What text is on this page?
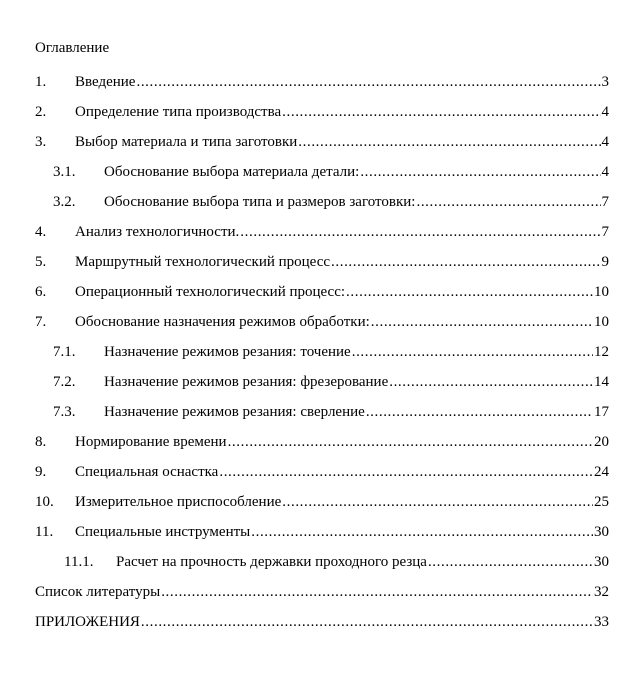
Оглавление
1.	Введение .....	3
2.	Определение типа производства .....	4
3.	Выбор материала и типа заготовки .....	4
3.1.	Обоснование выбора материала детали: .....	4
3.2.	Обоснование выбора типа и размеров заготовки: .....	7
4.	Анализ технологичности. .....	7
5.	Маршрутный технологический процесс .....	9
6.	Операционный технологический процесс: .....	10
7.	Обоснование назначения режимов обработки: .....	10
7.1.	Назначение режимов резания: точение .....	12
7.2.	Назначение режимов резания: фрезерование .....	14
7.3.	Назначение режимов резания: сверление .....	17
8.	Нормирование времени .....	20
9.	Специальная оснастка .....	24
10.	Измерительное приспособление .....	25
11.	Специальные инструменты .....	30
11.1.	Расчет на прочность державки проходного резца .....	30
Список литературы .....	32
ПРИЛОЖЕНИЯ .....	33
